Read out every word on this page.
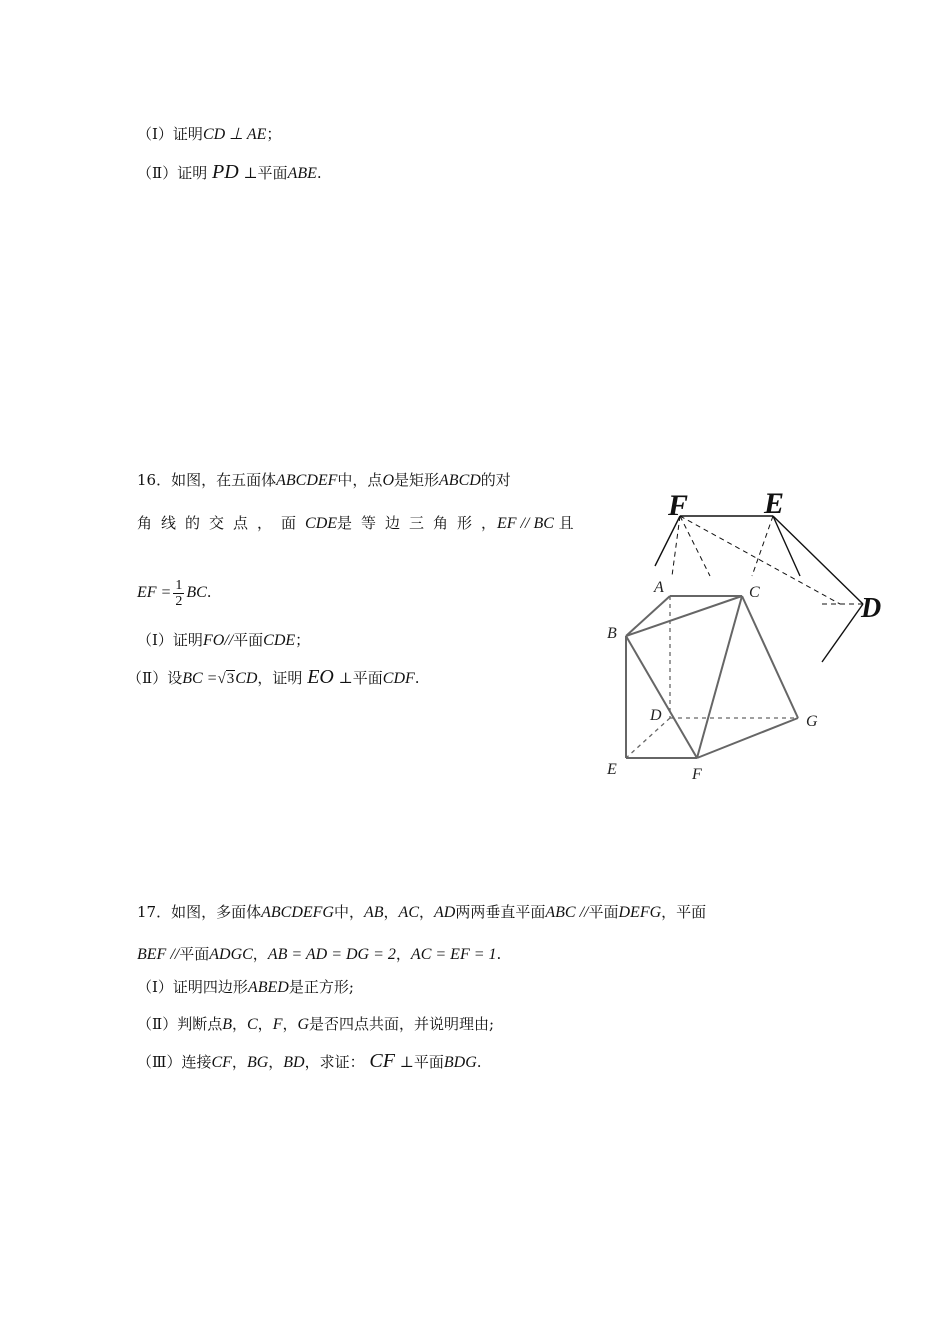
（Ⅰ）证明CD ⊥ AE；
（Ⅱ）证明 PD ⊥平面ABE.
16．如图，在五面体ABCDEF中，点O是矩形ABCD的对
角线的交点，面CDE是等边三角形，
EF // BC 且
EF = $\frac{1}{2}$ BC.
（Ⅰ）证明FO//平面CDE；
（Ⅱ）设BC =√3CD，证明 EO ⊥平面CDF.
F	E
D
A
B
C
D
E	F
G
17．如图，多面体ABCDEFG中，AB，AC，AD两两垂直平面ABC //平面DEFG，平面
BEF //平面ADGC，AB = AD = DG = 2，AC = EF = 1.
（Ⅰ）证明四边形ABED是正方形;
（Ⅱ）判断点B，C，F，G是否四点共面，并说明理由;
（Ⅲ）连接CF，BG，BD，求证： CF ⊥平面BDG.
